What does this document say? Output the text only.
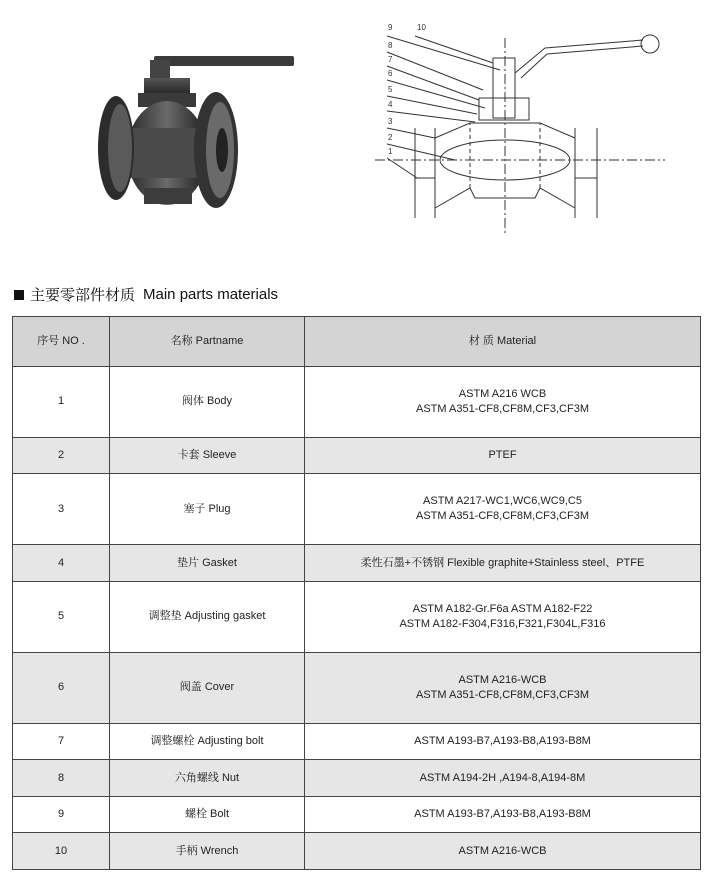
9	10
8
7
6
5
4
3
2
1
主要零部件材质 Main parts materials
序号 NO .	名称 Partname	材 质 Material
1	阀体 Body	ASTM A216 WCB
ASTM A351-CF8,CF8M,CF3,CF3M

2	卡套 Sleeve	PTEF

3	塞子 Plug	ASTM A217-WC1,WC6,WC9,C5
ASTM A351-CF8,CF8M,CF3,CF3M

4	垫片 Gasket	柔性石墨+不锈钢 Flexible graphite+Stainless steel、PTFE

5	调整垫 Adjusting gasket	ASTM A182-Gr.F6a ASTM A182-F22
ASTM A182-F304,F316,F321,F304L,F316

6	阀盖 Cover	ASTM A216-WCB
ASTM A351-CF8,CF8M,CF3,CF3M

7	调整螺栓 Adjusting bolt	ASTM A193-B7,A193-B8,A193-B8M

8	六角螺线 Nut	ASTM A194-2H ,A194-8,A194-8M

9	螺栓 Bolt	ASTM A193-B7,A193-B8,A193-B8M

10	手柄 Wrench	ASTM A216-WCB
